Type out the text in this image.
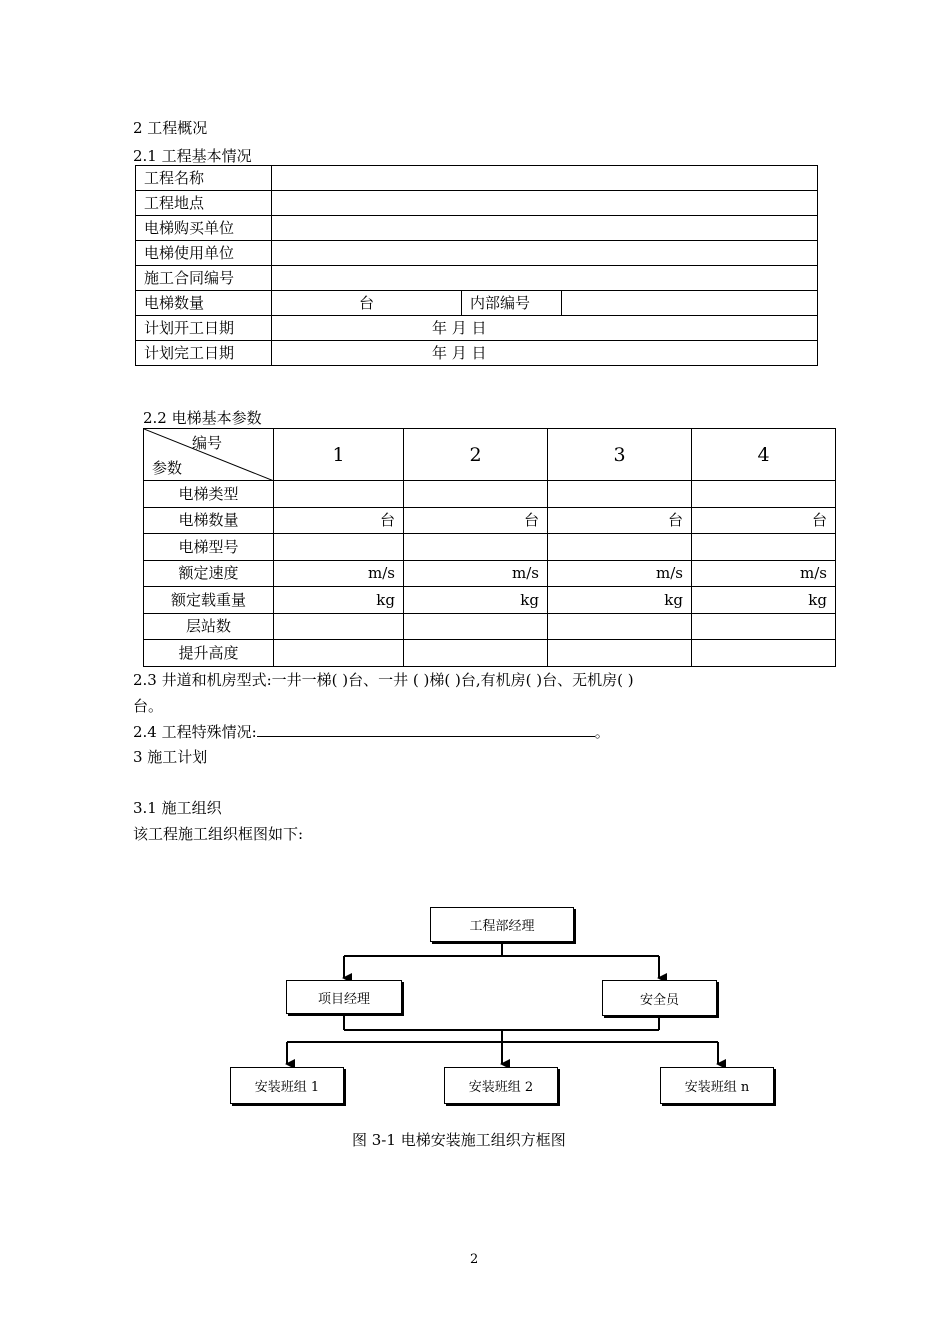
2 工程概况
2.1 工程基本情况
工程名称			
工程地点			
电梯购买单位			
电梯使用单位			
施工合同编号			
电梯数量	台	内部编号	
计划开工日期	年 月 日		
计划完工日期	年 月 日		
2.2 电梯基本参数
编号
参数	1	2	3	4
电梯类型				
电梯数量	台	台	台	台
电梯型号				
额定速度	m/s	m/s	m/s	m/s
额定载重量	kg	kg	kg	kg
层站数				
提升高度				
2.3 井道和机房型式:一井一梯( )台、一井 ( )梯( )台,有机房( )台、无机房( )
台。
2.4 工程特殊情况:	。
3 施工计划
3.1 施工组织
该工程施工组织框图如下:
工程部经理
项目经理	安全员
安装班组 1	安装班组 2	安装班组 n
图 3-1 电梯安装施工组织方框图
2
